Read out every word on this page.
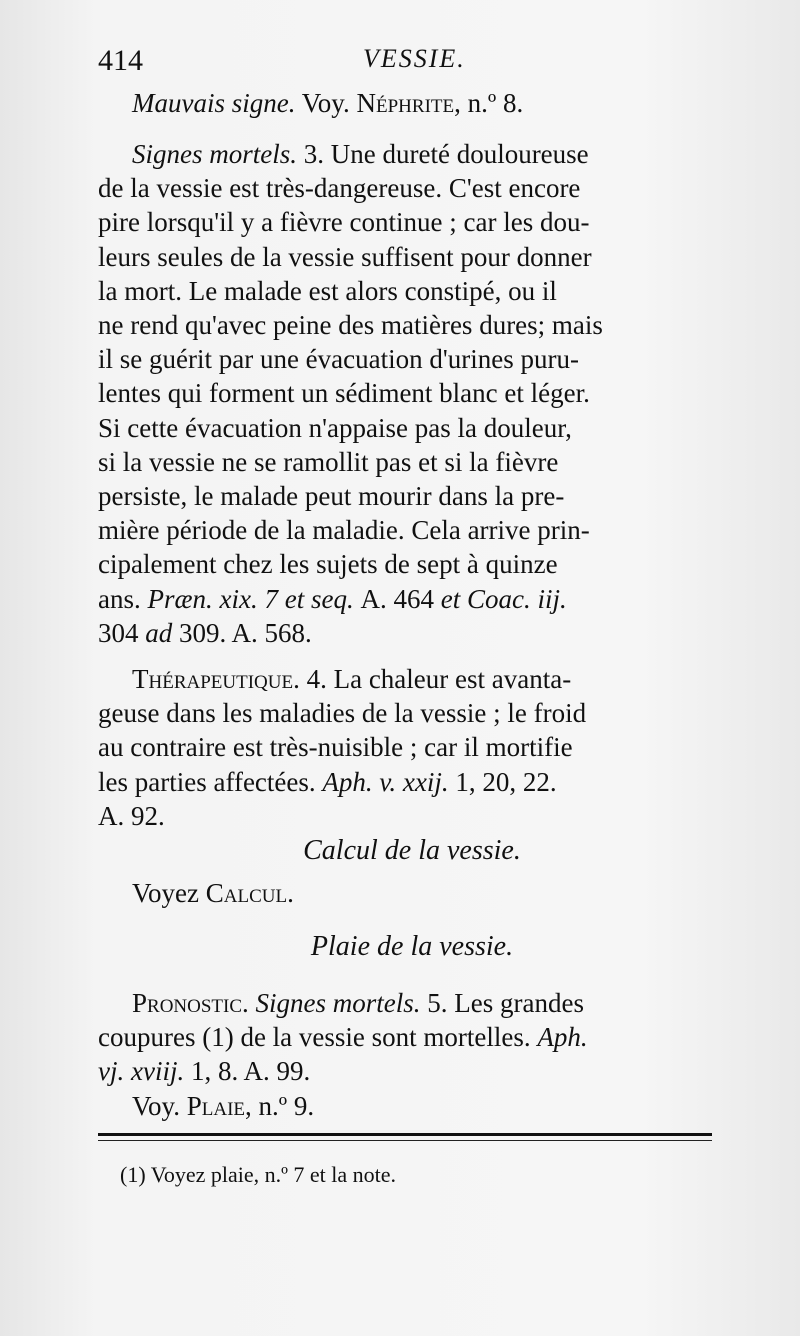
414	VESSIE.

Mauvais signe. Voy. Néphrite, n.º 8.

Signes mortels. 3. Une dureté douloureuse

de la vessie est très-dangereuse. C'est encore

pire lorsqu'il y a fièvre continue ; car les dou-

leurs seules de la vessie suffisent pour donner

la mort. Le malade est alors constipé, ou il

ne rend qu'avec peine des matières dures; mais

il se guérit par une évacuation d'urines puru-

lentes qui forment un sédiment blanc et léger.

Si cette évacuation n'appaise pas la douleur,

si la vessie ne se ramollit pas et si la fièvre

persiste, le malade peut mourir dans la pre-

mière période de la maladie. Cela arrive prin-

cipalement chez les sujets de sept à quinze

ans. Præn. xix. 7 et seq. A. 464 et Coac. iij.

304 ad 309. A. 568.

Thérapeutique. 4. La chaleur est avanta-

geuse dans les maladies de la vessie ; le froid

au contraire est très-nuisible ; car il mortifie

les parties affectées. Aph. v. xxij. 1, 20, 22.

A. 92.

Calcul de la vessie.

Voyez Calcul.

Plaie de la vessie.

Pronostic. Signes mortels. 5. Les grandes

coupures (1) de la vessie sont mortelles. Aph.

vj. xviij. 1, 8. A. 99.

Voy. Plaie, n.º 9.

(1) Voyez plaie, n.º 7 et la note.
